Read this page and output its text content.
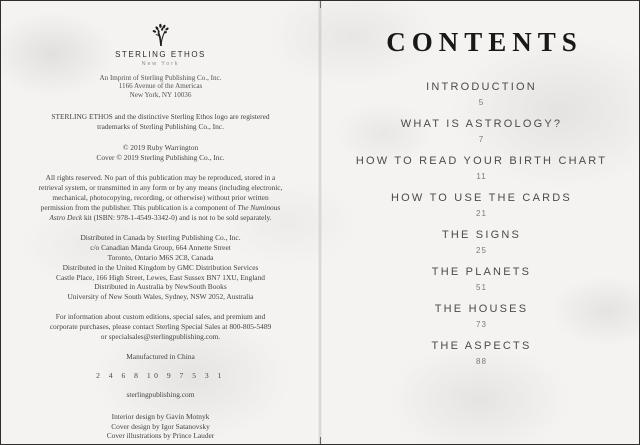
STERLING ETHOS
New York
An Imprint of Sterling Publishing Co., Inc.
1166 Avenue of the Americas
New York, NY 10036
STERLING ETHOS and the distinctive Sterling Ethos logo are registered
trademarks of Sterling Publishing Co., Inc.
© 2019 Ruby Warrington
Cover © 2019 Sterling Publishing Co., Inc.
All rights reserved. No part of this publication may be reproduced, stored in a
retrieval system, or transmitted in any form or by any means (including electronic,
mechanical, photocopying, recording, or otherwise) without prior written
permission from the publisher. This publication is a component of The Numinous
Astro Deck kit (ISBN: 978-1-4549-3342-0) and is not to be sold separately.
Distributed in Canada by Sterling Publishing Co., Inc.
c/o Canadian Manda Group, 664 Annette Street
Toronto, Ontario M6S 2C8, Canada
Distributed in the United Kingdom by GMC Distribution Services
Castle Place, 166 High Street, Lewes, East Sussex BN7 1XU, England
Distributed in Australia by NewSouth Books
University of New South Wales, Sydney, NSW 2052, Australia
For information about custom editions, special sales, and premium and
corporate purchases, please contact Sterling Special Sales at 800-805-5489
or specialsales@sterlingpublishing.com.
Manufactured in China
2 4 6 8 10 9 7 5 3 1
sterlingpublishing.com
Interior design by Gavin Motnyk
Cover design by Igor Satanovsky
Cover illustrations by Prince Lauder
CONTENTS
INTRODUCTION
5
WHAT IS ASTROLOGY?
7
HOW TO READ YOUR BIRTH CHART
11
HOW TO USE THE CARDS
21
THE SIGNS
25
THE PLANETS
51
THE HOUSES
73
THE ASPECTS
88
